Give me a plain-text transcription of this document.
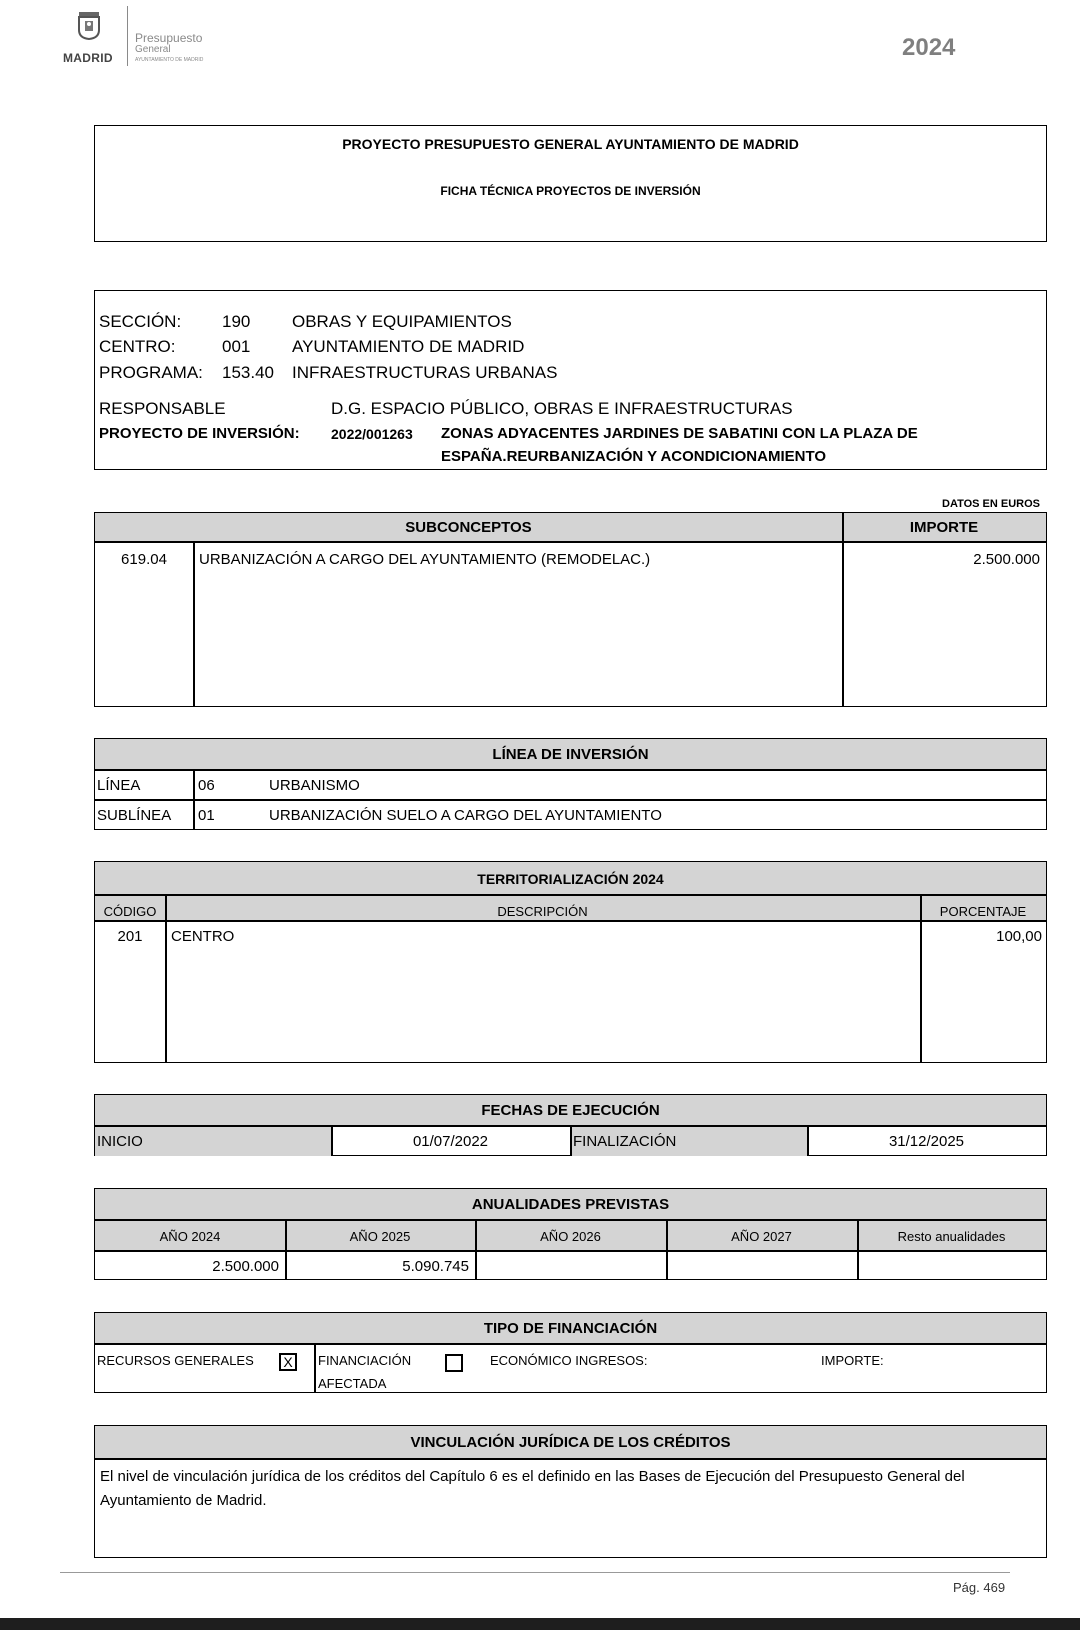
MADRID
Presupuesto
General
AYUNTAMIENTO DE MADRID	2024
PROYECTO PRESUPUESTO GENERAL AYUNTAMIENTO DE MADRID
FICHA TÉCNICA PROYECTOS DE INVERSIÓN
SECCIÓN: 190 OBRAS Y EQUIPAMIENTOS
CENTRO:	001 AYUNTAMIENTO DE MADRID
PROGRAMA: 153.40 INFRAESTRUCTURAS URBANAS
RESPONSABLE	D.G. ESPACIO PÚBLICO, OBRAS E INFRAESTRUCTURAS
PROYECTO DE INVERSIÓN: 2022/001263 ZONAS ADYACENTES JARDINES DE SABATINI CON LA PLAZA DE
ESPAÑA.REURBANIZACIÓN Y ACONDICIONAMIENTO
DATOS EN EUROS
SUBCONCEPTOS	IMPORTE
619.04	URBANIZACIÓN A CARGO DEL AYUNTAMIENTO (REMODELAC.)	2.500.000
LÍNEA DE INVERSIÓN
LÍNEA	06	URBANISMO
SUBLÍNEA 01	URBANIZACIÓN SUELO A CARGO DEL AYUNTAMIENTO
TERRITORIALIZACIÓN 2024
CÓDIGO	DESCRIPCIÓN	PORCENTAJE
201	CENTRO	100,00
FECHAS DE EJECUCIÓN
INICIO	01/07/2022	FINALIZACIÓN	31/12/2025
ANUALIDADES PREVISTAS
AÑO 2024	AÑO 2025	AÑO 2026	AÑO 2027	Resto anualidades
2.500.000	5.090.745
TIPO DE FINANCIACIÓN
RECURSOS GENERALES	X	FINANCIACIÓN
AFECTADA
ECONÓMICO INGRESOS:	IMPORTE:
VINCULACIÓN JURÍDICA DE LOS CRÉDITOS
El nivel de vinculación jurídica de los créditos del Capítulo 6 es el definido en las Bases de Ejecución del Presupuesto General del
Ayuntamiento de Madrid.
Pág. 469
